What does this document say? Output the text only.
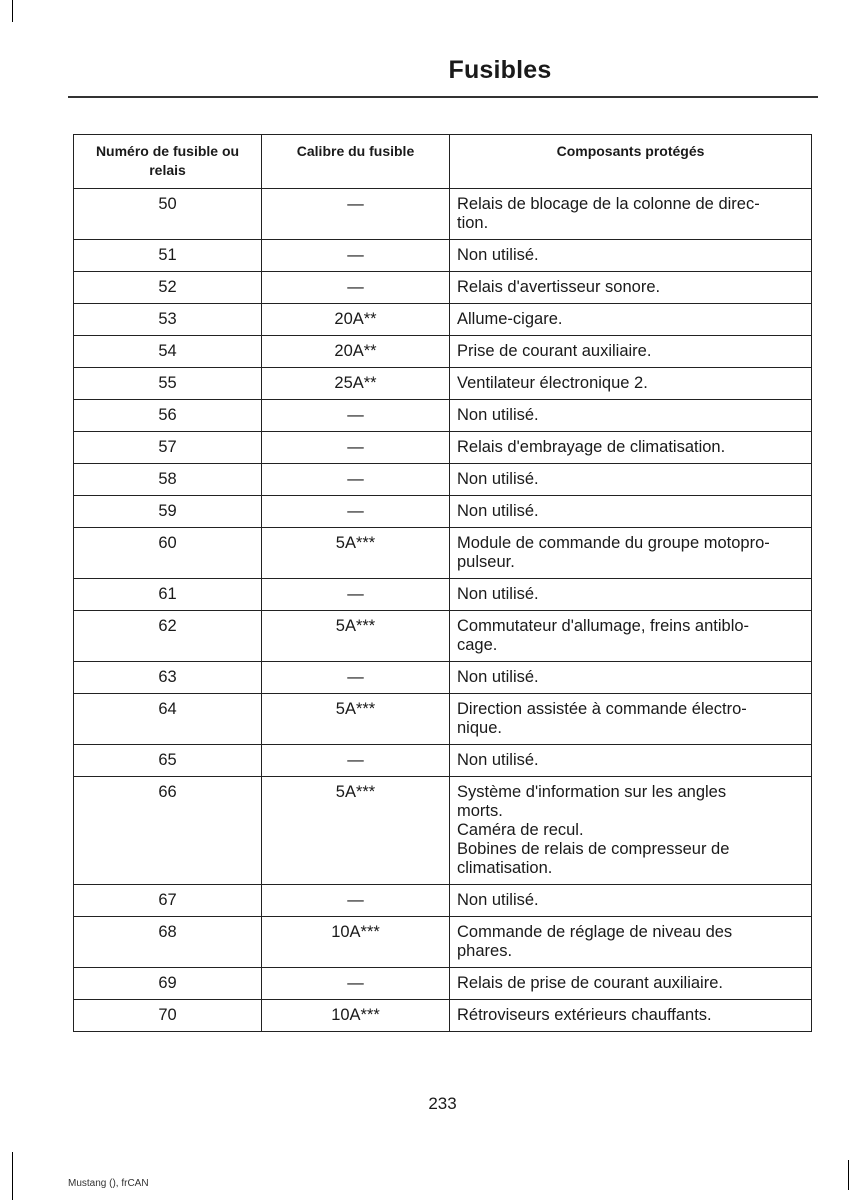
Fusibles
Numéro de fusible ou relais	Calibre du fusible	Composants protégés
50	—	Relais de blocage de la colonne de direc-
tion.

51	—	Non utilisé.

52	—	Relais d'avertisseur sonore.

53	20A**	Allume-cigare.

54	20A**	Prise de courant auxiliaire.

55	25A**	Ventilateur électronique 2.

56	—	Non utilisé.

57	—	Relais d'embrayage de climatisation.

58	—	Non utilisé.

59	—	Non utilisé.

60	5A***	Module de commande du groupe motopro-
pulseur.

61	—	Non utilisé.

62	5A***	Commutateur d'allumage, freins antiblo-
cage.

63	—	Non utilisé.

64	5A***	Direction assistée à commande électro-
nique.

65	—	Non utilisé.

66	5A***	Système d'information sur les angles
morts.
Caméra de recul.
Bobines de relais de compresseur de
climatisation.

67	—	Non utilisé.

68	10A***	Commande de réglage de niveau des
phares.

69	—	Relais de prise de courant auxiliaire.

70	10A***	Rétroviseurs extérieurs chauffants.
233
Mustang (), frCAN
